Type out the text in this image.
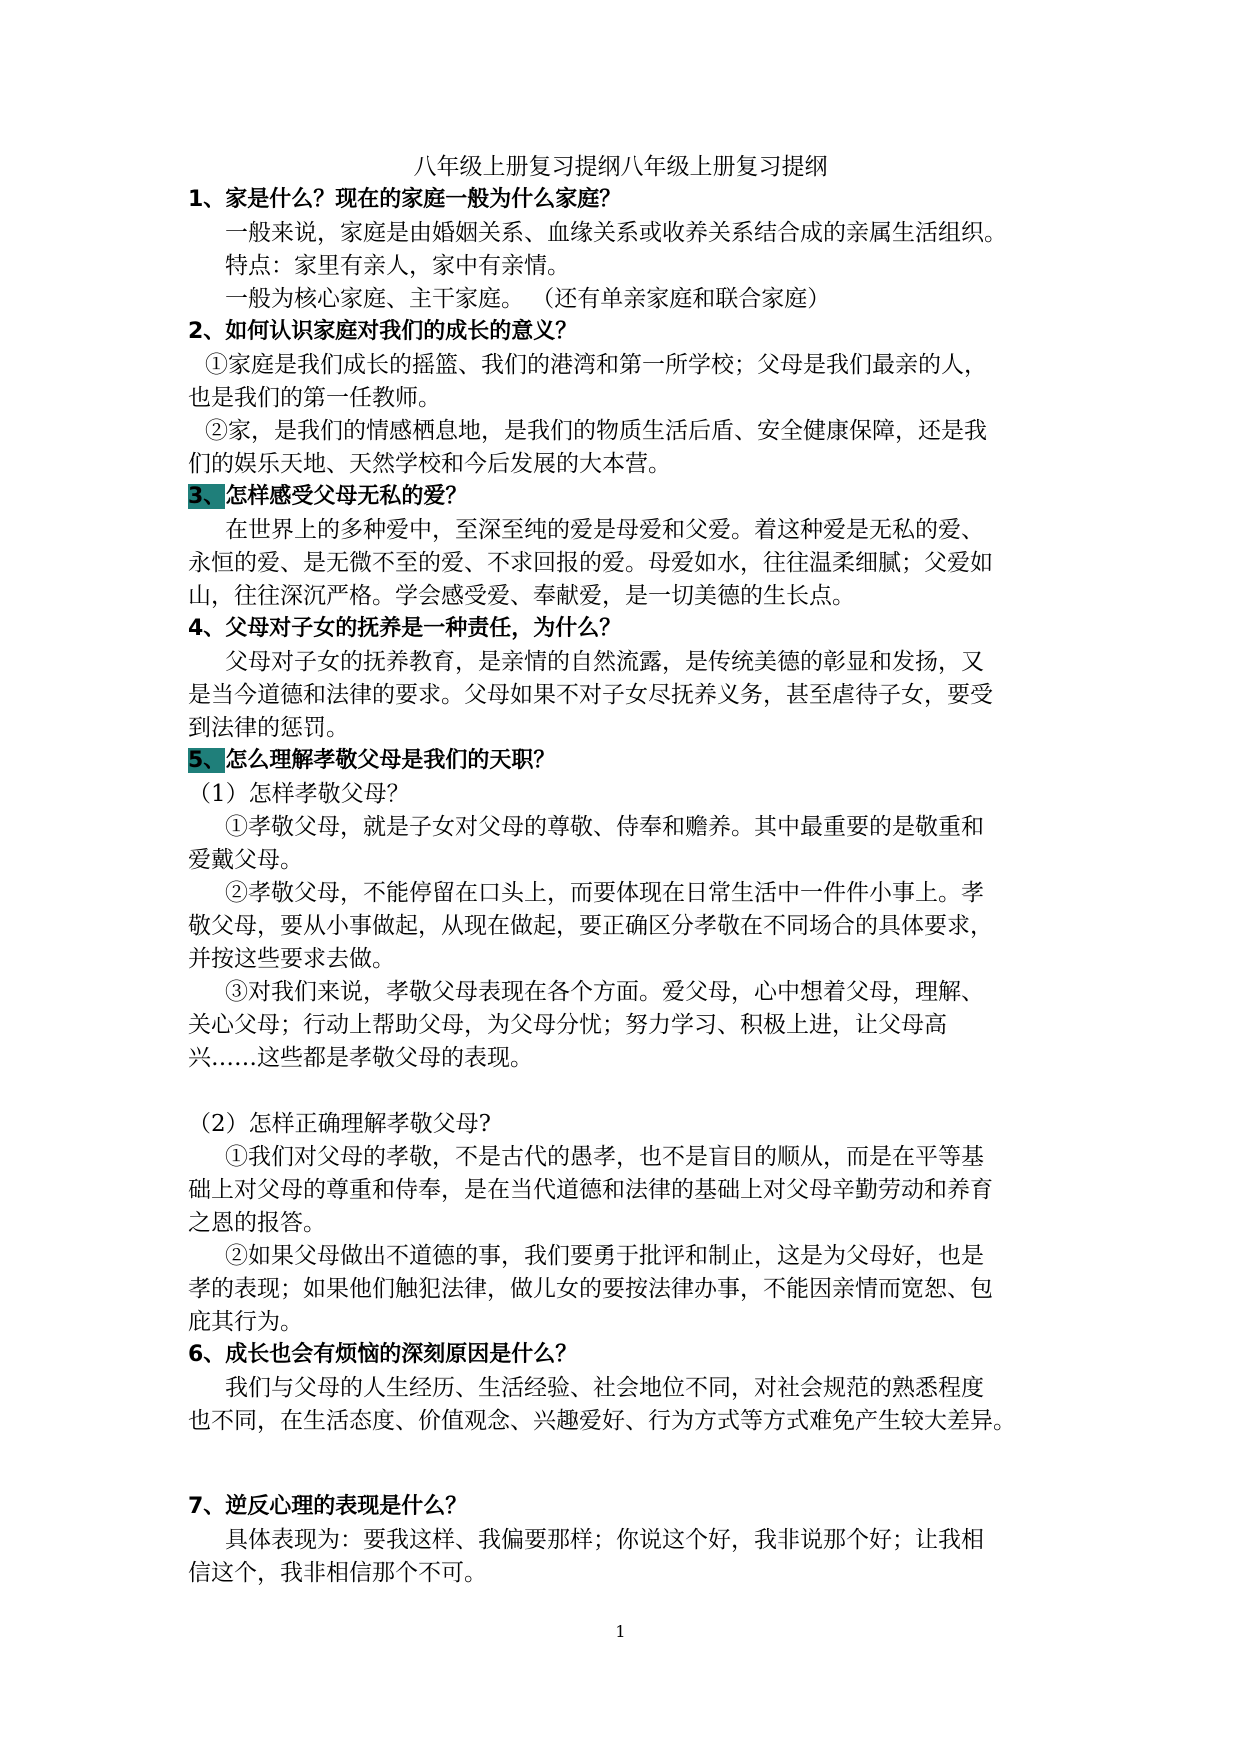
八年级上册复习提纲八年级上册复习提纲
1、家是什么？现在的家庭一般为什么家庭？
一般来说，家庭是由婚姻关系、血缘关系或收养关系结合成的亲属生活组织。
特点：家里有亲人，家中有亲情。
一般为核心家庭、主干家庭。 （还有单亲家庭和联合家庭）
2、如何认识家庭对我们的成长的意义？
①家庭是我们成长的摇篮、我们的港湾和第一所学校；父母是我们最亲的人，
也是我们的第一任教师。
②家，是我们的情感栖息地，是我们的物质生活后盾、安全健康保障，还是我
们的娱乐天地、天然学校和今后发展的大本营。
3、怎样感受父母无私的爱？
在世界上的多种爱中，至深至纯的爱是母爱和父爱。着这种爱是无私的爱、
永恒的爱、是无微不至的爱、不求回报的爱。母爱如水，往往温柔细腻；父爱如
山，往往深沉严格。学会感受爱、奉献爱，是一切美德的生长点。
4、父母对子女的抚养是一种责任，为什么？
父母对子女的抚养教育，是亲情的自然流露，是传统美德的彰显和发扬，又
是当今道德和法律的要求。父母如果不对子女尽抚养义务，甚至虐待子女，要受
到法律的惩罚。
5、怎么理解孝敬父母是我们的天职？
（1）怎样孝敬父母？
①孝敬父母，就是子女对父母的尊敬、侍奉和赡养。其中最重要的是敬重和
爱戴父母。
②孝敬父母，不能停留在口头上，而要体现在日常生活中一件件小事上。孝
敬父母，要从小事做起，从现在做起，要正确区分孝敬在不同场合的具体要求，
并按这些要求去做。
③对我们来说，孝敬父母表现在各个方面。爱父母，心中想着父母，理解、
关心父母；行动上帮助父母，为父母分忧；努力学习、积极上进，让父母高
兴……这些都是孝敬父母的表现。
（2）怎样正确理解孝敬父母?
①我们对父母的孝敬，不是古代的愚孝，也不是盲目的顺从，而是在平等基
础上对父母的尊重和侍奉，是在当代道德和法律的基础上对父母辛勤劳动和养育
之恩的报答。
②如果父母做出不道德的事，我们要勇于批评和制止，这是为父母好，也是
孝的表现；如果他们触犯法律，做儿女的要按法律办事，不能因亲情而宽恕、包
庇其行为。
6、成长也会有烦恼的深刻原因是什么？
我们与父母的人生经历、生活经验、社会地位不同，对社会规范的熟悉程度
也不同，在生活态度、价值观念、兴趣爱好、行为方式等方式难免产生较大差异。
7、逆反心理的表现是什么？
具体表现为：要我这样、我偏要那样；你说这个好，我非说那个好；让我相
信这个，我非相信那个不可。
1
